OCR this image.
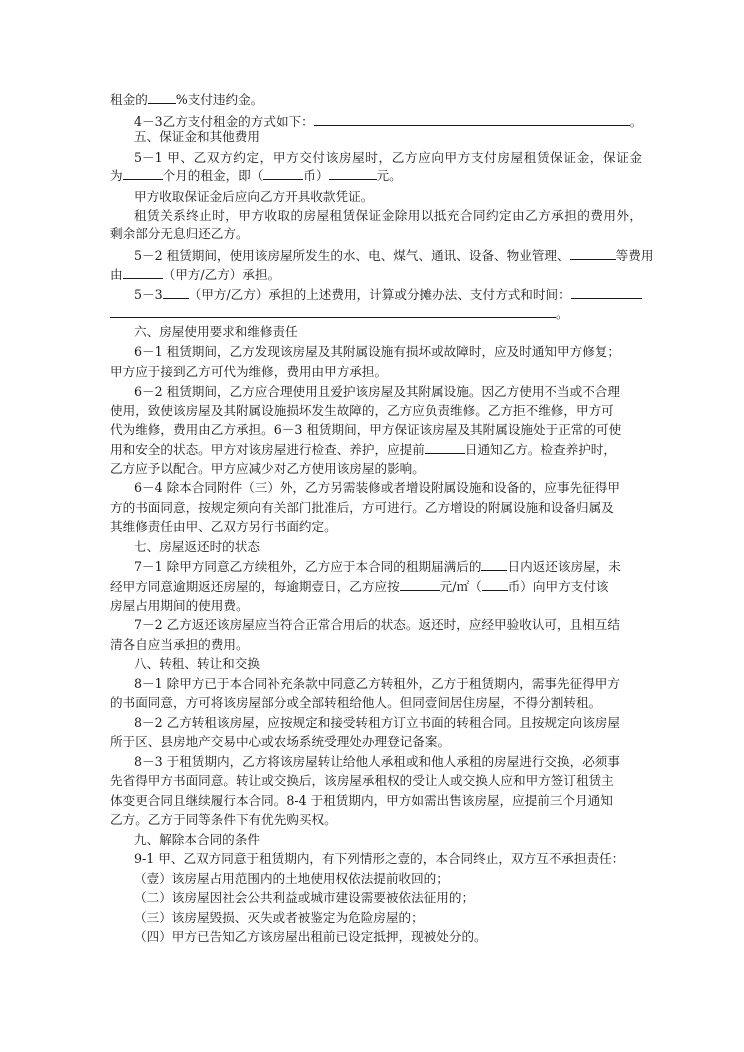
租金的 %支付违约金。
4－3乙方支付租金的方式如下：	。
五、保证金和其他费用
5－1 甲、乙双方约定，甲方交付该房屋时，乙方应向甲方支付房屋租赁保证金，保证金
为	个月的租金，即（	币）	元。
甲方收取保证金后应向乙方开具收款凭证。
租赁关系终止时，甲方收取的房屋租赁保证金除用以抵充合同约定由乙方承担的费用外，
剩余部分无息归还乙方。
5－2 租赁期间，使用该房屋所发生的水、电、煤气、通讯、设备、物业管理、	等费用
由	（甲方/乙方）承担。
5－3 （甲方/乙方）承担的上述费用，计算或分摊办法、支付方式和时间：
。
六、房屋使用要求和维修责任
6－1 租赁期间，乙方发现该房屋及其附属设施有损坏或故障时，应及时通知甲方修复；
甲方应于接到乙方可代为维修，费用由甲方承担。
6－2 租赁期间，乙方应合理使用且爱护该房屋及其附属设施。因乙方使用不当或不合理
使用，致使该房屋及其附属设施损坏发生故障的，乙方应负责维修。乙方拒不维修，甲方可
代为维修，费用由乙方承担。6－3 租赁期间，甲方保证该房屋及其附属设施处于正常的可使
用和安全的状态。甲方对该房屋进行检查、养护，应提前	日通知乙方。检查养护时，
乙方应予以配合。甲方应减少对乙方使用该房屋的影响。
6－4 除本合同附件（三）外，乙方另需装修或者增设附属设施和设备的，应事先征得甲
方的书面同意，按规定须向有关部门批准后，方可进行。乙方增设的附属设施和设备归属及
其维修责任由甲、乙双方另行书面约定。
七、房屋返还时的状态
7－1 除甲方同意乙方续租外，乙方应于本合同的租期届满后的 日内返还该房屋，未
经甲方同意逾期返还房屋的，每逾期壹日，乙方应按	元/㎡（ 币）向甲方支付该
房屋占用期间的使用费。
7－2 乙方返还该房屋应当符合正常合用后的状态。返还时，应经甲验收认可，且相互结
清各自应当承担的费用。
八、转租、转让和交换
8－1 除甲方已于本合同补充条款中同意乙方转租外，乙方于租赁期内，需事先征得甲方
的书面同意，方可将该房屋部分或全部转租给他人。但同壹间居住房屋，不得分割转租。
8－2 乙方转租该房屋，应按规定和接受转租方订立书面的转租合同。且按规定向该房屋
所于区、县房地产交易中心或农场系统受理处办理登记备案。
8－3 于租赁期内，乙方将该房屋转让给他人承租或和他人承租的房屋进行交换，必须事
先省得甲方书面同意。转让或交换后，该房屋承租权的受让人或交换人应和甲方签订租赁主
体变更合同且继续履行本合同。8-4 于租赁期内，甲方如需出售该房屋，应提前三个月通知
乙方。乙方于同等条件下有优先购买权。
九、解除本合同的条件
9-1 甲、乙双方同意于租赁期内，有下列情形之壹的，本合同终止，双方互不承担责任：
（壹）该房屋占用范围内的土地使用权依法提前收回的；
（二）该房屋因社会公共利益或城市建设需要被依法征用的；
（三）该房屋毁损、灭失或者被鉴定为危险房屋的；
（四）甲方已告知乙方该房屋出租前已设定抵押，现被处分的。
